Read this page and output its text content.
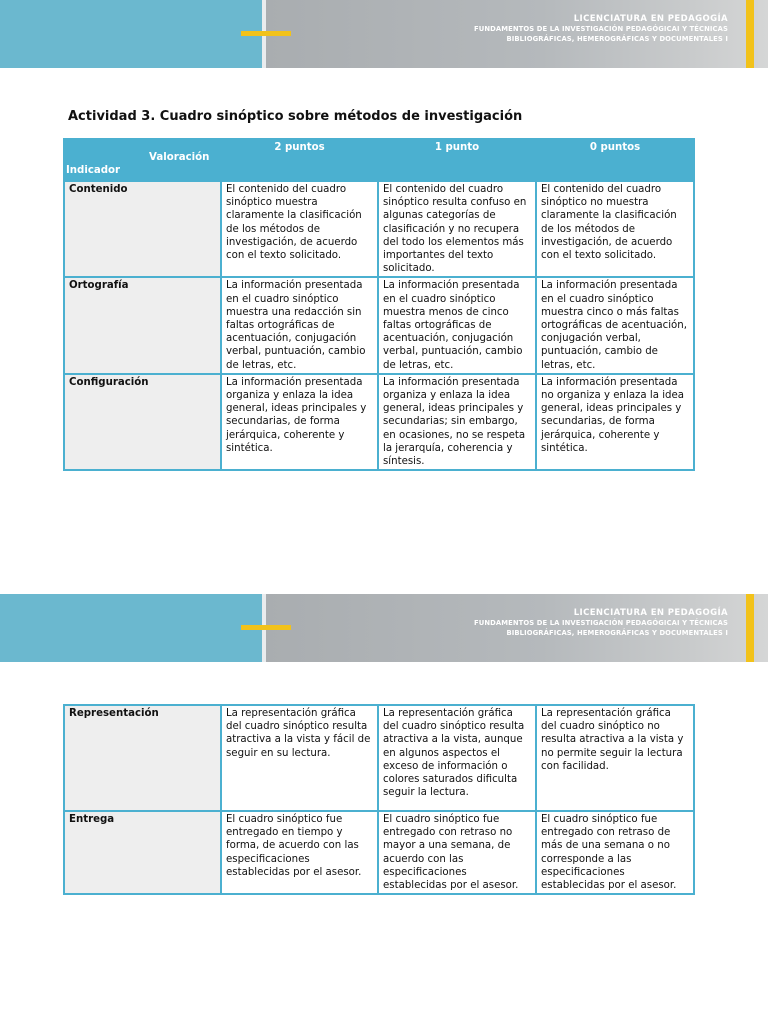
LICENCIATURA EN PEDAGOGÍA
FUNDAMENTOS DE LA INVESTIGACIÓN PEDAGÓGICAI Y TÉCNICAS
BIBLIOGRÁFICAS, HEMEROGRÁFICAS Y DOCUMENTALES I
Actividad 3. Cuadro sinóptico sobre métodos de investigación
Valoración
Indicador	2 puntos	1 punto	0 puntos
Contenido	El contenido del cuadro sinóptico muestra claramente la clasificación de los métodos de investigación, de acuerdo con el texto solicitado.	El contenido del cuadro sinóptico resulta confuso en algunas categorías de clasificación y no recupera del todo los elementos más importantes del texto solicitado.	El contenido del cuadro sinóptico no muestra claramente la clasificación de los métodos de investigación, de acuerdo con el texto solicitado.
Ortografía	La información presentada en el cuadro sinóptico muestra una redacción sin faltas ortográficas de acentuación, conjugación verbal, puntuación, cambio de letras, etc.	La información presentada en el cuadro sinóptico muestra menos de cinco faltas ortográficas de acentuación, conjugación verbal, puntuación, cambio de letras, etc.	La información presentada en el cuadro sinóptico muestra cinco o más faltas ortográficas de acentuación, conjugación verbal, puntuación, cambio de letras, etc.
Configuración	La información presentada organiza y enlaza la idea general, ideas principales y secundarias, de forma jerárquica, coherente y sintética.	La información presentada organiza y enlaza la idea general, ideas principales y secundarias; sin embargo, en ocasiones, no se respeta la jerarquía, coherencia y síntesis.	La información presentada no organiza y enlaza la idea general, ideas principales y secundarias, de forma jerárquica, coherente y sintética.
LICENCIATURA EN PEDAGOGÍA
FUNDAMENTOS DE LA INVESTIGACIÓN PEDAGÓGICAI Y TÉCNICAS
BIBLIOGRÁFICAS, HEMEROGRÁFICAS Y DOCUMENTALES I
Representación	La representación gráfica del cuadro sinóptico resulta atractiva a la vista y fácil de seguir en su lectura.	La representación gráfica del cuadro sinóptico resulta atractiva a la vista, aunque en algunos aspectos el exceso de información o colores saturados dificulta seguir la lectura.	La representación gráfica del cuadro sinóptico no resulta atractiva a la vista y no permite seguir la lectura con facilidad.
Entrega	El cuadro sinóptico fue entregado en tiempo y forma, de acuerdo con las especificaciones establecidas por el asesor.	El cuadro sinóptico fue entregado con retraso no mayor a una semana, de acuerdo con las especificaciones establecidas por el asesor.	El cuadro sinóptico fue entregado con retraso de más de una semana o no corresponde a las especificaciones establecidas por el asesor.
